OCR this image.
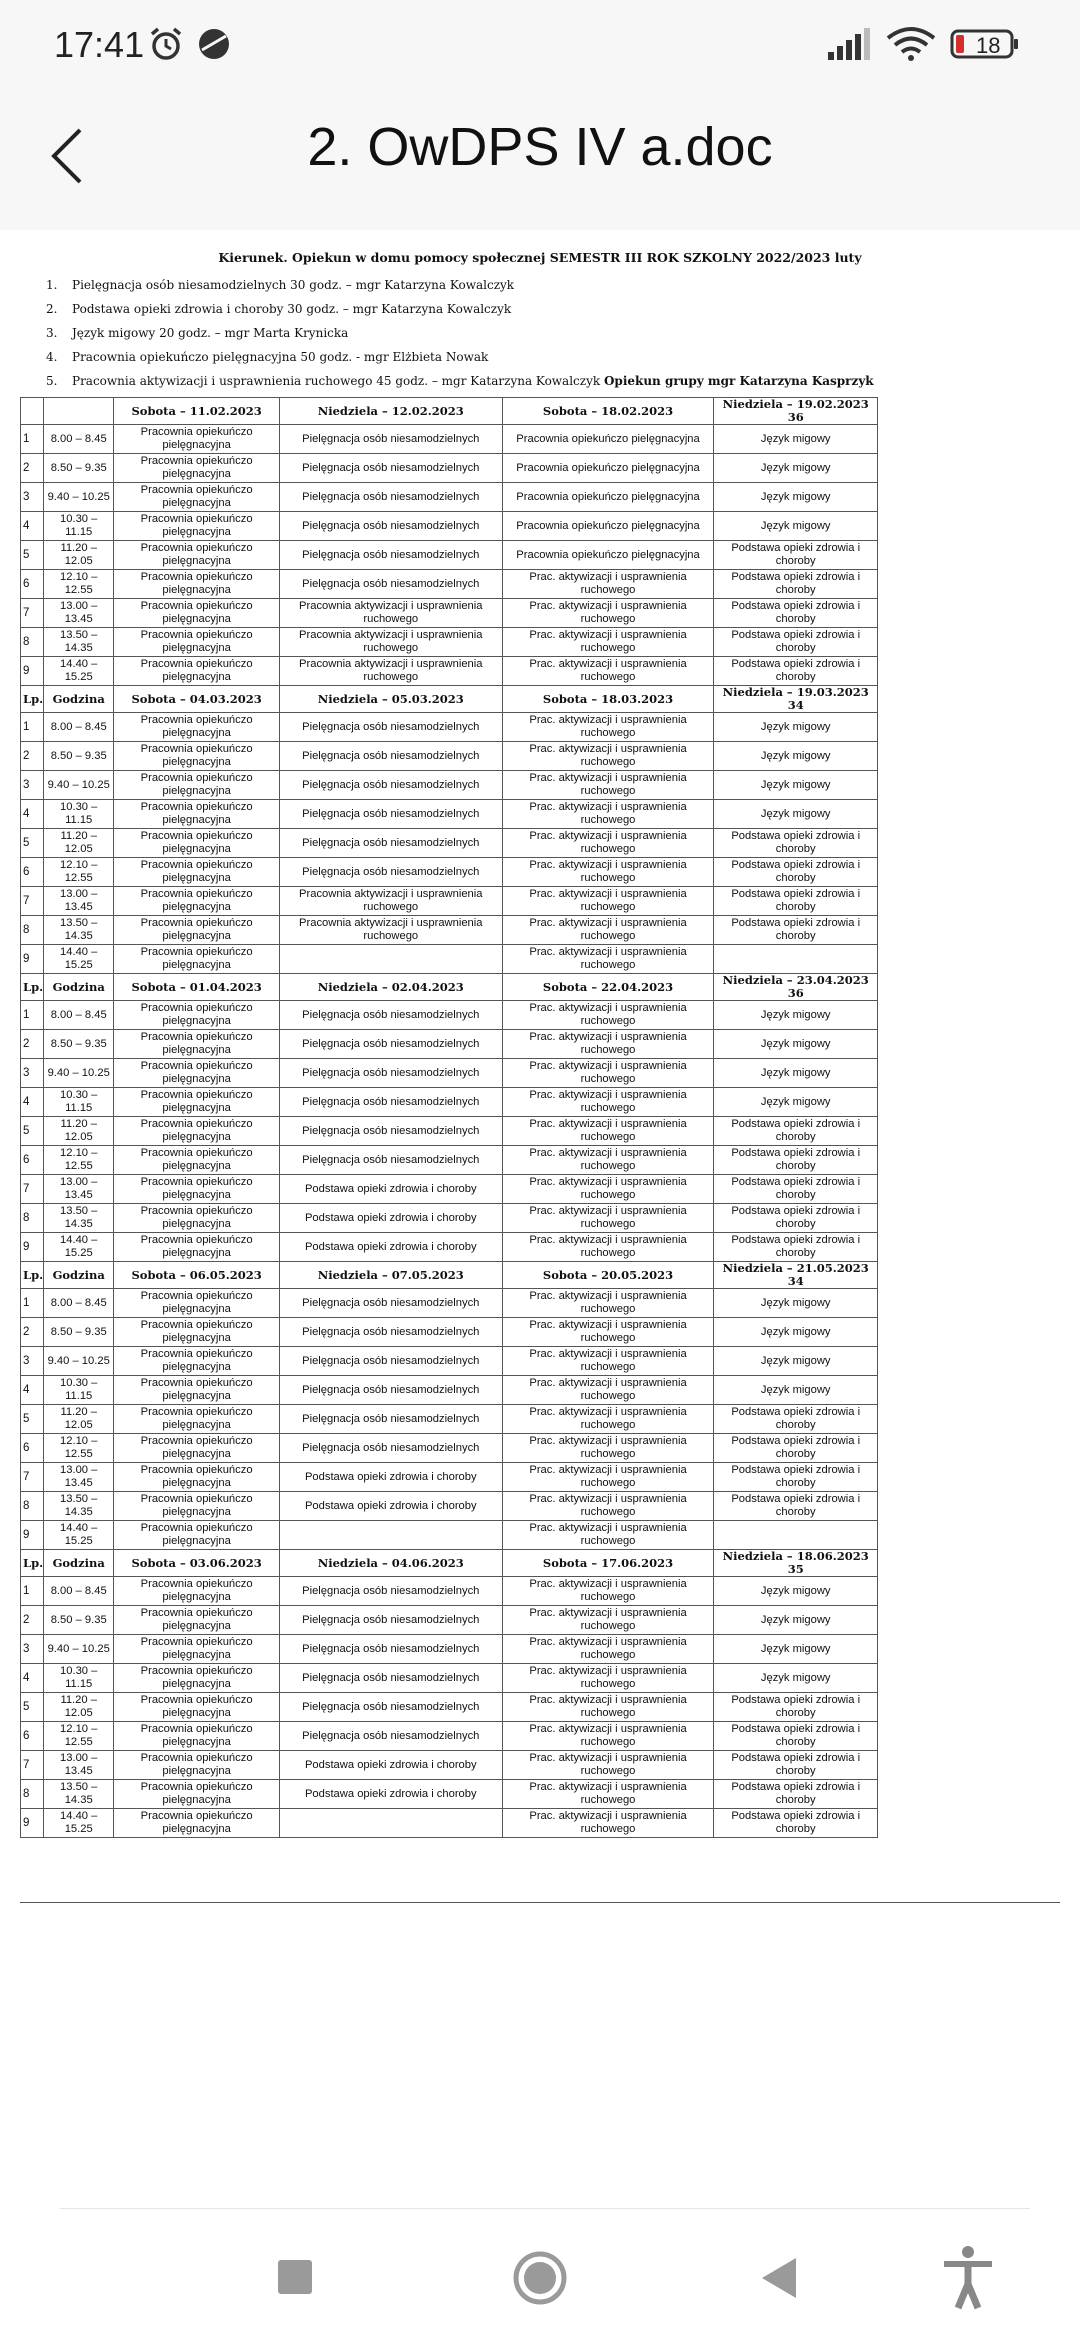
17:41	18
2. OwDPS IV a.doc
Kierunek. Opiekun w domu pomocy społecznej SEMESTR III ROK SZKOLNY 2022/2023 luty
1. Pielęgnacja osób niesamodzielnych 30 godz. – mgr Katarzyna Kowalczyk
2. Podstawa opieki zdrowia i choroby 30 godz. – mgr Katarzyna Kowalczyk
3. Język migowy 20 godz. – mgr Marta Krynicka
4. Pracownia opiekuńczo pielęgnacyjna 50 godz. - mgr Elżbieta Nowak
5. Pracownia aktywizacji i usprawnienia ruchowego 45 godz. – mgr Katarzyna Kowalczyk Opiekun grupy mgr Katarzyna Kasprzyk
		Sobota – 11.02.2023	Niedziela – 12.02.2023	Sobota – 18.02.2023	Niedziela – 19.02.2023 36
1	8.00 – 8.45	Pracownia opiekuńczo pielęgnacyjna	Pielęgnacja osób niesamodzielnych	Pracownia opiekuńczo pielęgnacyjna	Język migowy
2	8.50 – 9.35	Pracownia opiekuńczo pielęgnacyjna	Pielęgnacja osób niesamodzielnych	Pracownia opiekuńczo pielęgnacyjna	Język migowy
3	9.40 – 10.25	Pracownia opiekuńczo pielęgnacyjna	Pielęgnacja osób niesamodzielnych	Pracownia opiekuńczo pielęgnacyjna	Język migowy
4	10.30 – 11.15	Pracownia opiekuńczo pielęgnacyjna	Pielęgnacja osób niesamodzielnych	Pracownia opiekuńczo pielęgnacyjna	Język migowy
5	11.20 – 12.05	Pracownia opiekuńczo pielęgnacyjna	Pielęgnacja osób niesamodzielnych	Pracownia opiekuńczo pielęgnacyjna	Podstawa opieki zdrowia i choroby
6	12.10 – 12.55	Pracownia opiekuńczo pielęgnacyjna	Pielęgnacja osób niesamodzielnych	Prac. aktywizacji i usprawnienia ruchowego	Podstawa opieki zdrowia i choroby
7	13.00 – 13.45	Pracownia opiekuńczo pielęgnacyjna	Pracownia aktywizacji i usprawnienia ruchowego	Prac. aktywizacji i usprawnienia ruchowego	Podstawa opieki zdrowia i choroby
8	13.50 – 14.35	Pracownia opiekuńczo pielęgnacyjna	Pracownia aktywizacji i usprawnienia ruchowego	Prac. aktywizacji i usprawnienia ruchowego	Podstawa opieki zdrowia i choroby
9	14.40 – 15.25	Pracownia opiekuńczo pielęgnacyjna	Pracownia aktywizacji i usprawnienia ruchowego	Prac. aktywizacji i usprawnienia ruchowego	Podstawa opieki zdrowia i choroby
Lp.	Godzina	Sobota – 04.03.2023	Niedziela – 05.03.2023	Sobota – 18.03.2023	Niedziela – 19.03.2023 34
1	8.00 – 8.45	Pracownia opiekuńczo pielęgnacyjna	Pielęgnacja osób niesamodzielnych	Prac. aktywizacji i usprawnienia ruchowego	Język migowy
2	8.50 – 9.35	Pracownia opiekuńczo pielęgnacyjna	Pielęgnacja osób niesamodzielnych	Prac. aktywizacji i usprawnienia ruchowego	Język migowy
3	9.40 – 10.25	Pracownia opiekuńczo pielęgnacyjna	Pielęgnacja osób niesamodzielnych	Prac. aktywizacji i usprawnienia ruchowego	Język migowy
4	10.30 – 11.15	Pracownia opiekuńczo pielęgnacyjna	Pielęgnacja osób niesamodzielnych	Prac. aktywizacji i usprawnienia ruchowego	Język migowy
5	11.20 – 12.05	Pracownia opiekuńczo pielęgnacyjna	Pielęgnacja osób niesamodzielnych	Prac. aktywizacji i usprawnienia ruchowego	Podstawa opieki zdrowia i choroby
6	12.10 – 12.55	Pracownia opiekuńczo pielęgnacyjna	Pielęgnacja osób niesamodzielnych	Prac. aktywizacji i usprawnienia ruchowego	Podstawa opieki zdrowia i choroby
7	13.00 – 13.45	Pracownia opiekuńczo pielęgnacyjna	Pracownia aktywizacji i usprawnienia ruchowego	Prac. aktywizacji i usprawnienia ruchowego	Podstawa opieki zdrowia i choroby
8	13.50 – 14.35	Pracownia opiekuńczo pielęgnacyjna	Pracownia aktywizacji i usprawnienia ruchowego	Prac. aktywizacji i usprawnienia ruchowego	Podstawa opieki zdrowia i choroby
9	14.40 – 15.25	Pracownia opiekuńczo pielęgnacyjna		Prac. aktywizacji i usprawnienia ruchowego	
Lp.	Godzina	Sobota – 01.04.2023	Niedziela – 02.04.2023	Sobota – 22.04.2023	Niedziela – 23.04.2023 36
1	8.00 – 8.45	Pracownia opiekuńczo pielęgnacyjna	Pielęgnacja osób niesamodzielnych	Prac. aktywizacji i usprawnienia ruchowego	Język migowy
2	8.50 – 9.35	Pracownia opiekuńczo pielęgnacyjna	Pielęgnacja osób niesamodzielnych	Prac. aktywizacji i usprawnienia ruchowego	Język migowy
3	9.40 – 10.25	Pracownia opiekuńczo pielęgnacyjna	Pielęgnacja osób niesamodzielnych	Prac. aktywizacji i usprawnienia ruchowego	Język migowy
4	10.30 – 11.15	Pracownia opiekuńczo pielęgnacyjna	Pielęgnacja osób niesamodzielnych	Prac. aktywizacji i usprawnienia ruchowego	Język migowy
5	11.20 – 12.05	Pracownia opiekuńczo pielęgnacyjna	Pielęgnacja osób niesamodzielnych	Prac. aktywizacji i usprawnienia ruchowego	Podstawa opieki zdrowia i choroby
6	12.10 – 12.55	Pracownia opiekuńczo pielęgnacyjna	Pielęgnacja osób niesamodzielnych	Prac. aktywizacji i usprawnienia ruchowego	Podstawa opieki zdrowia i choroby
7	13.00 – 13.45	Pracownia opiekuńczo pielęgnacyjna	Podstawa opieki zdrowia i choroby	Prac. aktywizacji i usprawnienia ruchowego	Podstawa opieki zdrowia i choroby
8	13.50 – 14.35	Pracownia opiekuńczo pielęgnacyjna	Podstawa opieki zdrowia i choroby	Prac. aktywizacji i usprawnienia ruchowego	Podstawa opieki zdrowia i choroby
9	14.40 – 15.25	Pracownia opiekuńczo pielęgnacyjna	Podstawa opieki zdrowia i choroby	Prac. aktywizacji i usprawnienia ruchowego	Podstawa opieki zdrowia i choroby
Lp.	Godzina	Sobota – 06.05.2023	Niedziela – 07.05.2023	Sobota – 20.05.2023	Niedziela – 21.05.2023 34
1	8.00 – 8.45	Pracownia opiekuńczo pielęgnacyjna	Pielęgnacja osób niesamodzielnych	Prac. aktywizacji i usprawnienia ruchowego	Język migowy
2	8.50 – 9.35	Pracownia opiekuńczo pielęgnacyjna	Pielęgnacja osób niesamodzielnych	Prac. aktywizacji i usprawnienia ruchowego	Język migowy
3	9.40 – 10.25	Pracownia opiekuńczo pielęgnacyjna	Pielęgnacja osób niesamodzielnych	Prac. aktywizacji i usprawnienia ruchowego	Język migowy
4	10.30 – 11.15	Pracownia opiekuńczo pielęgnacyjna	Pielęgnacja osób niesamodzielnych	Prac. aktywizacji i usprawnienia ruchowego	Język migowy
5	11.20 – 12.05	Pracownia opiekuńczo pielęgnacyjna	Pielęgnacja osób niesamodzielnych	Prac. aktywizacji i usprawnienia ruchowego	Podstawa opieki zdrowia i choroby
6	12.10 – 12.55	Pracownia opiekuńczo pielęgnacyjna	Pielęgnacja osób niesamodzielnych	Prac. aktywizacji i usprawnienia ruchowego	Podstawa opieki zdrowia i choroby
7	13.00 – 13.45	Pracownia opiekuńczo pielęgnacyjna	Podstawa opieki zdrowia i choroby	Prac. aktywizacji i usprawnienia ruchowego	Podstawa opieki zdrowia i choroby
8	13.50 – 14.35	Pracownia opiekuńczo pielęgnacyjna	Podstawa opieki zdrowia i choroby	Prac. aktywizacji i usprawnienia ruchowego	Podstawa opieki zdrowia i choroby
9	14.40 – 15.25	Pracownia opiekuńczo pielęgnacyjna		Prac. aktywizacji i usprawnienia ruchowego	
Lp.	Godzina	Sobota – 03.06.2023	Niedziela – 04.06.2023	Sobota – 17.06.2023	Niedziela – 18.06.2023 35
1	8.00 – 8.45	Pracownia opiekuńczo pielęgnacyjna	Pielęgnacja osób niesamodzielnych	Prac. aktywizacji i usprawnienia ruchowego	Język migowy
2	8.50 – 9.35	Pracownia opiekuńczo pielęgnacyjna	Pielęgnacja osób niesamodzielnych	Prac. aktywizacji i usprawnienia ruchowego	Język migowy
3	9.40 – 10.25	Pracownia opiekuńczo pielęgnacyjna	Pielęgnacja osób niesamodzielnych	Prac. aktywizacji i usprawnienia ruchowego	Język migowy
4	10.30 – 11.15	Pracownia opiekuńczo pielęgnacyjna	Pielęgnacja osób niesamodzielnych	Prac. aktywizacji i usprawnienia ruchowego	Język migowy
5	11.20 – 12.05	Pracownia opiekuńczo pielęgnacyjna	Pielęgnacja osób niesamodzielnych	Prac. aktywizacji i usprawnienia ruchowego	Podstawa opieki zdrowia i choroby
6	12.10 – 12.55	Pracownia opiekuńczo pielęgnacyjna	Pielęgnacja osób niesamodzielnych	Prac. aktywizacji i usprawnienia ruchowego	Podstawa opieki zdrowia i choroby
7	13.00 – 13.45	Pracownia opiekuńczo pielęgnacyjna	Podstawa opieki zdrowia i choroby	Prac. aktywizacji i usprawnienia ruchowego	Podstawa opieki zdrowia i choroby
8	13.50 – 14.35	Pracownia opiekuńczo pielęgnacyjna	Podstawa opieki zdrowia i choroby	Prac. aktywizacji i usprawnienia ruchowego	Podstawa opieki zdrowia i choroby
9	14.40 – 15.25	Pracownia opiekuńczo pielęgnacyjna		Prac. aktywizacji i usprawnienia ruchowego	Podstawa opieki zdrowia i choroby
